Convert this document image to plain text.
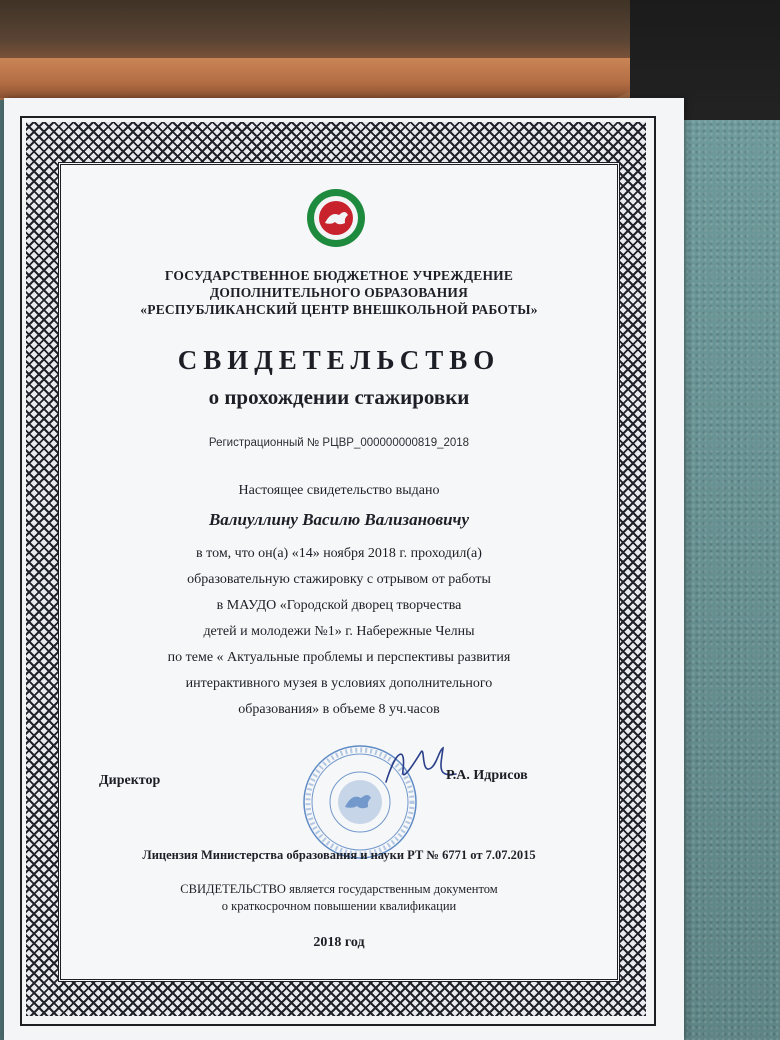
ГОСУДАРСТВЕННОЕ БЮДЖЕТНОЕ УЧРЕЖДЕНИЕ
ДОПОЛНИТЕЛЬНОГО ОБРАЗОВАНИЯ
«РЕСПУБЛИКАНСКИЙ ЦЕНТР ВНЕШКОЛЬНОЙ РАБОТЫ»
СВИДЕТЕЛЬСТВО
о прохождении стажировки
Регистрационный № РЦВР_000000000819_2018
Настоящее свидетельство выдано
Валиуллину Василю Вализановичу
в том, что он(а) «14» ноября 2018 г. проходил(а)
образовательную стажировку с отрывом от работы
в МАУДО «Городской дворец творчества
детей и молодежи №1» г. Набережные Челны
по теме « Актуальные проблемы и перспективы развития
интерактивного музея в условиях дополнительного
образования» в объеме 8 уч.часов
Директор	Р.А. Идрисов
Лицензия Министерства образования и науки РТ № 6771 от 7.07.2015
СВИДЕТЕЛЬСТВО является государственным документом
о краткосрочном повышении квалификации
2018 год
